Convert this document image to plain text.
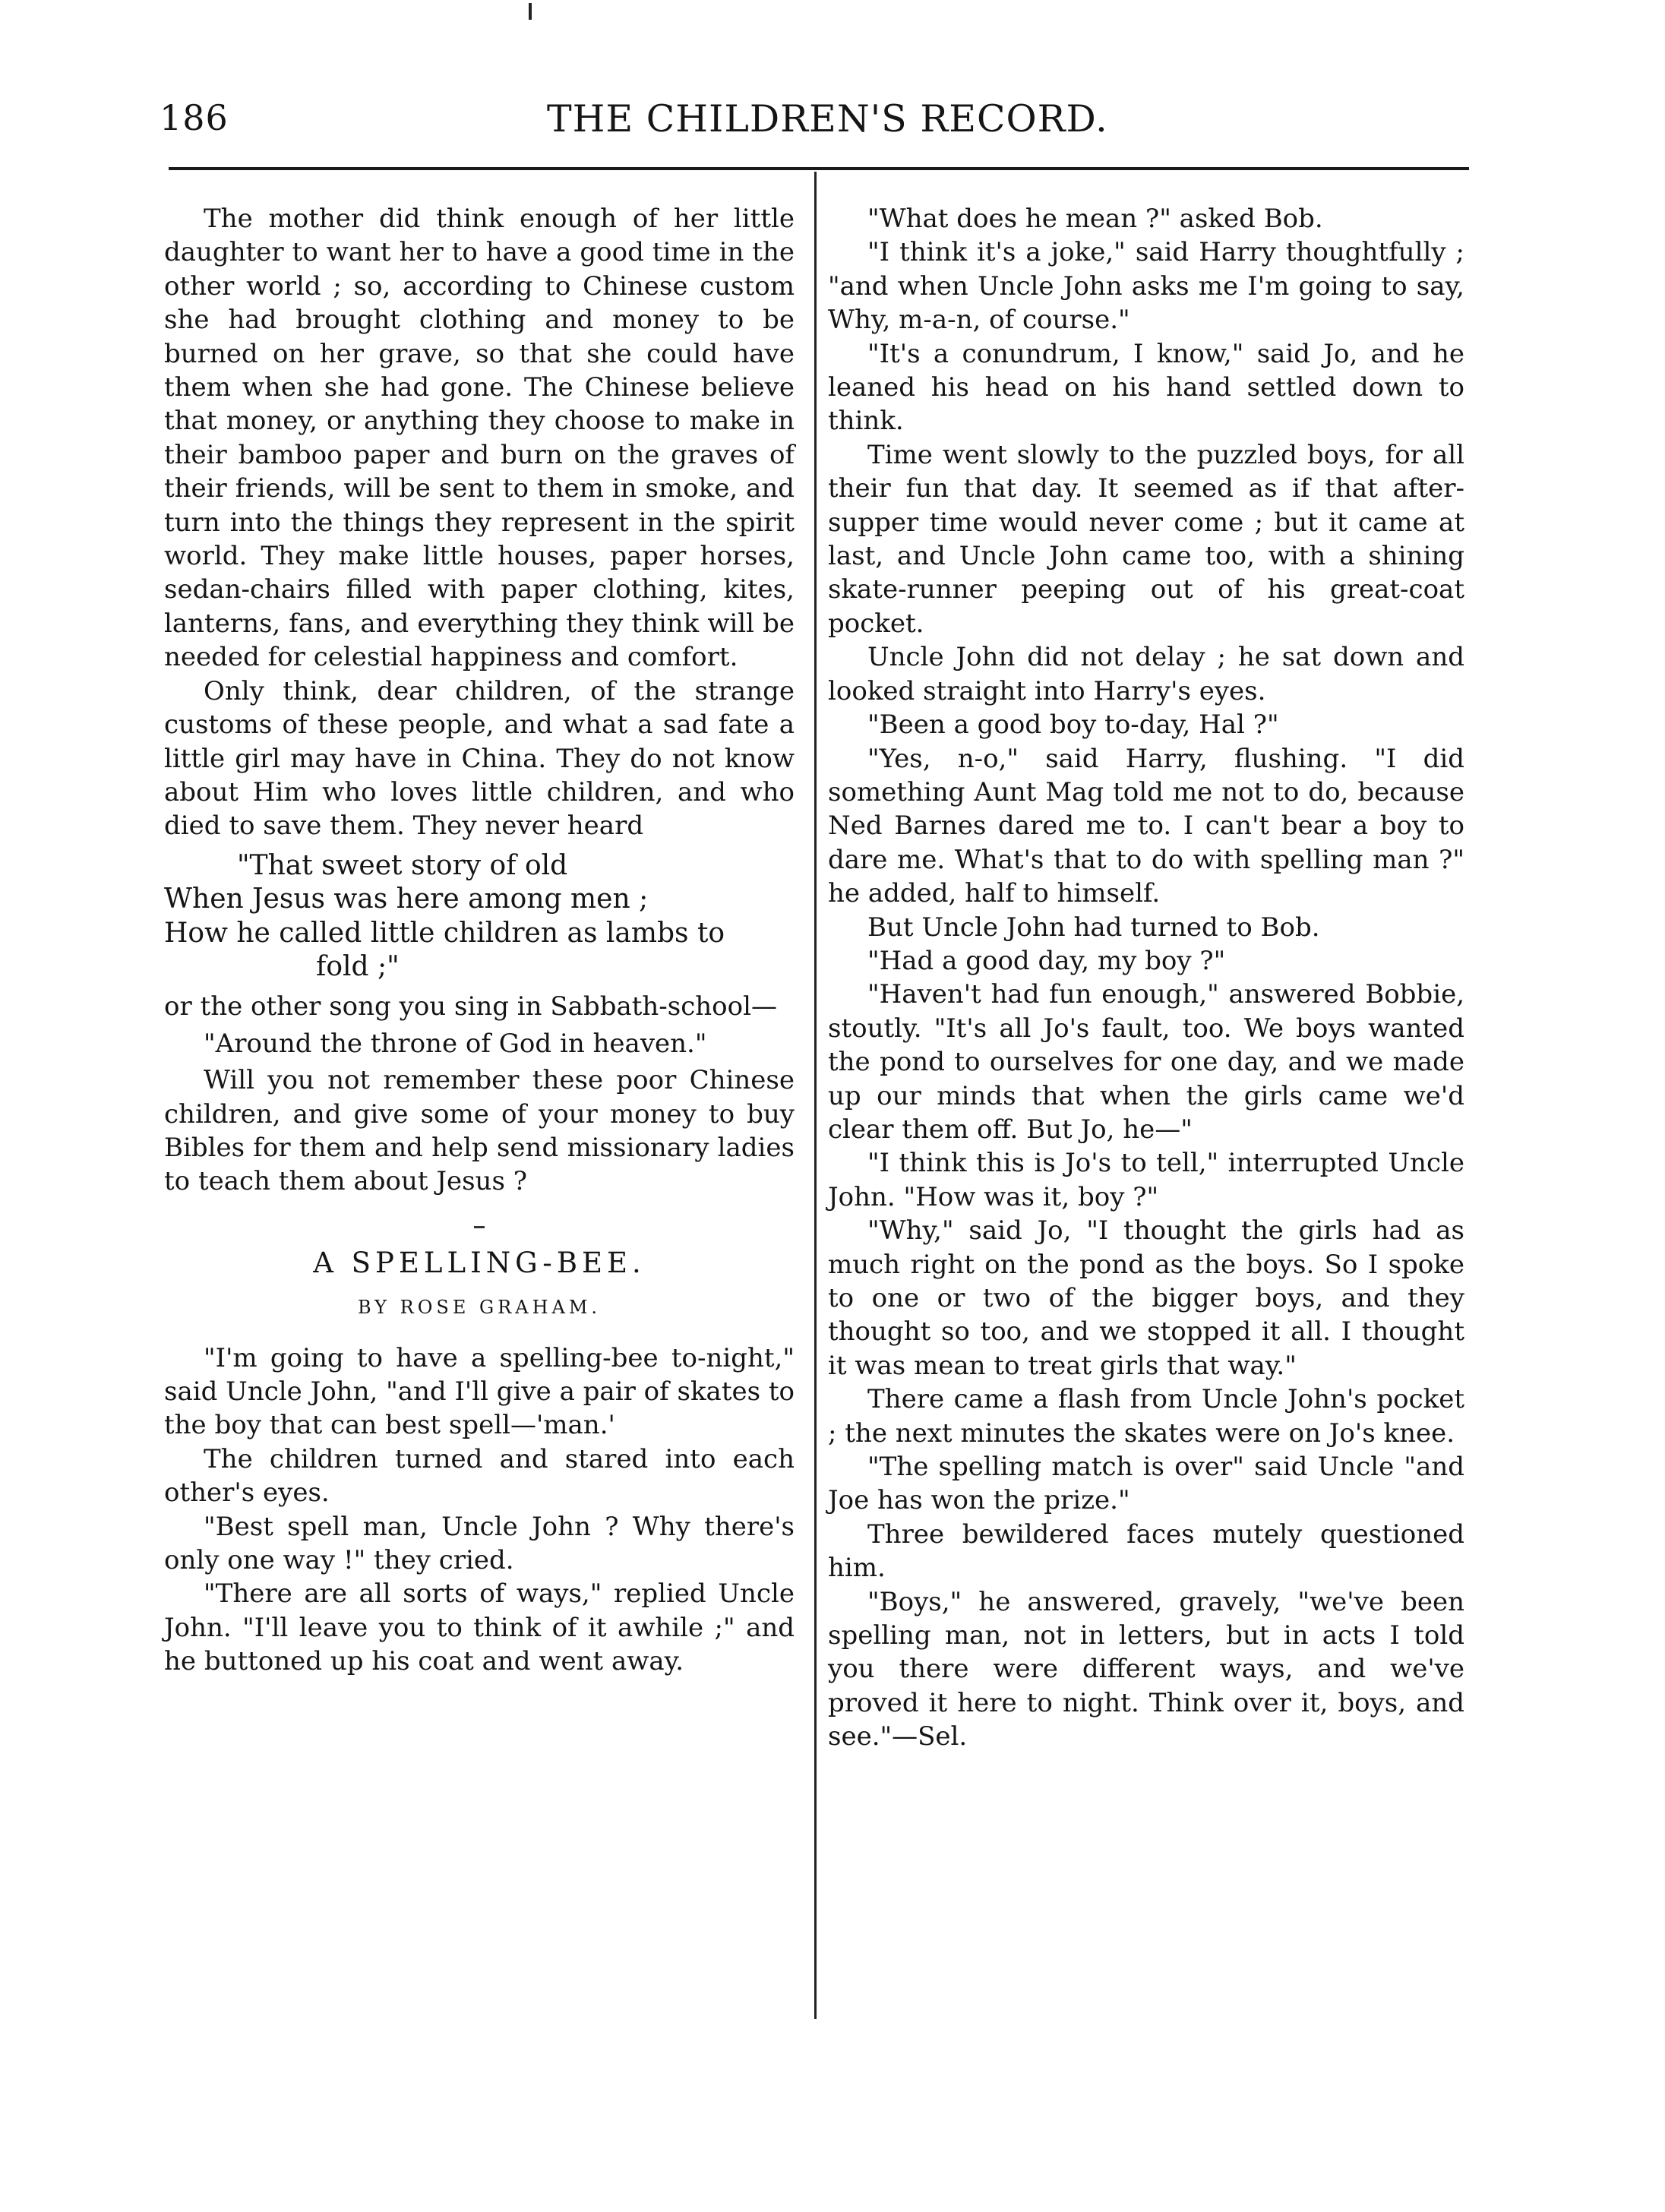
186	THE CHILDREN'S RECORD.

The mother did think enough of her little daughter to want her to have a good time in the other world ; so, according to Chinese custom she had brought clothing and money to be burned on her grave, so that she could have them when she had gone. The Chinese believe that money, or anything they choose to make in their bamboo paper and burn on the graves of their friends, will be sent to them in smoke, and turn into the things they represent in the spirit world. They make little houses, paper horses, sedan-chairs filled with paper clothing, kites, lanterns, fans, and everything they think will be needed for celestial happiness and comfort.

Only think, dear children, of the strange customs of these people, and what a sad fate a little girl may have in China. They do not know about Him who loves little children, and who died to save them. They never heard

"That sweet story of old
When Jesus was here among men ;
How he called little children as lambs to
fold ;"

or the other song you sing in Sabbath-school—

"Around the throne of God in heaven."

Will you not remember these poor Chinese children, and give some of your money to buy Bibles for them and help send missionary ladies to teach them about Jesus ?

A SPELLING-BEE.
BY ROSE GRAHAM.

"I'm going to have a spelling-bee to-night," said Uncle John, "and I'll give a pair of skates to the boy that can best spell—'man.'

The children turned and stared into each other's eyes.

"Best spell man, Uncle John ? Why there's only one way !" they cried.

"There are all sorts of ways," replied Uncle John. "I'll leave you to think of it awhile ;" and he buttoned up his coat and went away.

"What does he mean ?" asked Bob.

"I think it's a joke," said Harry thoughtfully ; "and when Uncle John asks me I'm going to say, Why, m-a-n, of course."

"It's a conundrum, I know," said Jo, and he leaned his head on his hand settled down to think.

Time went slowly to the puzzled boys, for all their fun that day. It seemed as if that after-supper time would never come ; but it came at last, and Uncle John came too, with a shining skate-runner peeping out of his great-coat pocket.

Uncle John did not delay ; he sat down and looked straight into Harry's eyes.

"Been a good boy to-day, Hal ?"

"Yes, n-o," said Harry, flushing. "I did something Aunt Mag told me not to do, because Ned Barnes dared me to. I can't bear a boy to dare me. What's that to do with spelling man ?" he added, half to himself.

But Uncle John had turned to Bob.

"Had a good day, my boy ?"

"Haven't had fun enough," answered Bobbie, stoutly. "It's all Jo's fault, too. We boys wanted the pond to ourselves for one day, and we made up our minds that when the girls came we'd clear them off. But Jo, he—"

"I think this is Jo's to tell," interrupted Uncle John. "How was it, boy ?"

"Why," said Jo, "I thought the girls had as much right on the pond as the boys. So I spoke to one or two of the bigger boys, and they thought so too, and we stopped it all. I thought it was mean to treat girls that way."

There came a flash from Uncle John's pocket ; the next minutes the skates were on Jo's knee.

"The spelling match is over" said Uncle "and Joe has won the prize."

Three bewildered faces mutely questioned him.

"Boys," he answered, gravely, "we've been spelling man, not in letters, but in acts I told you there were different ways, and we've proved it here to night. Think over it, boys, and see."—Sel.
